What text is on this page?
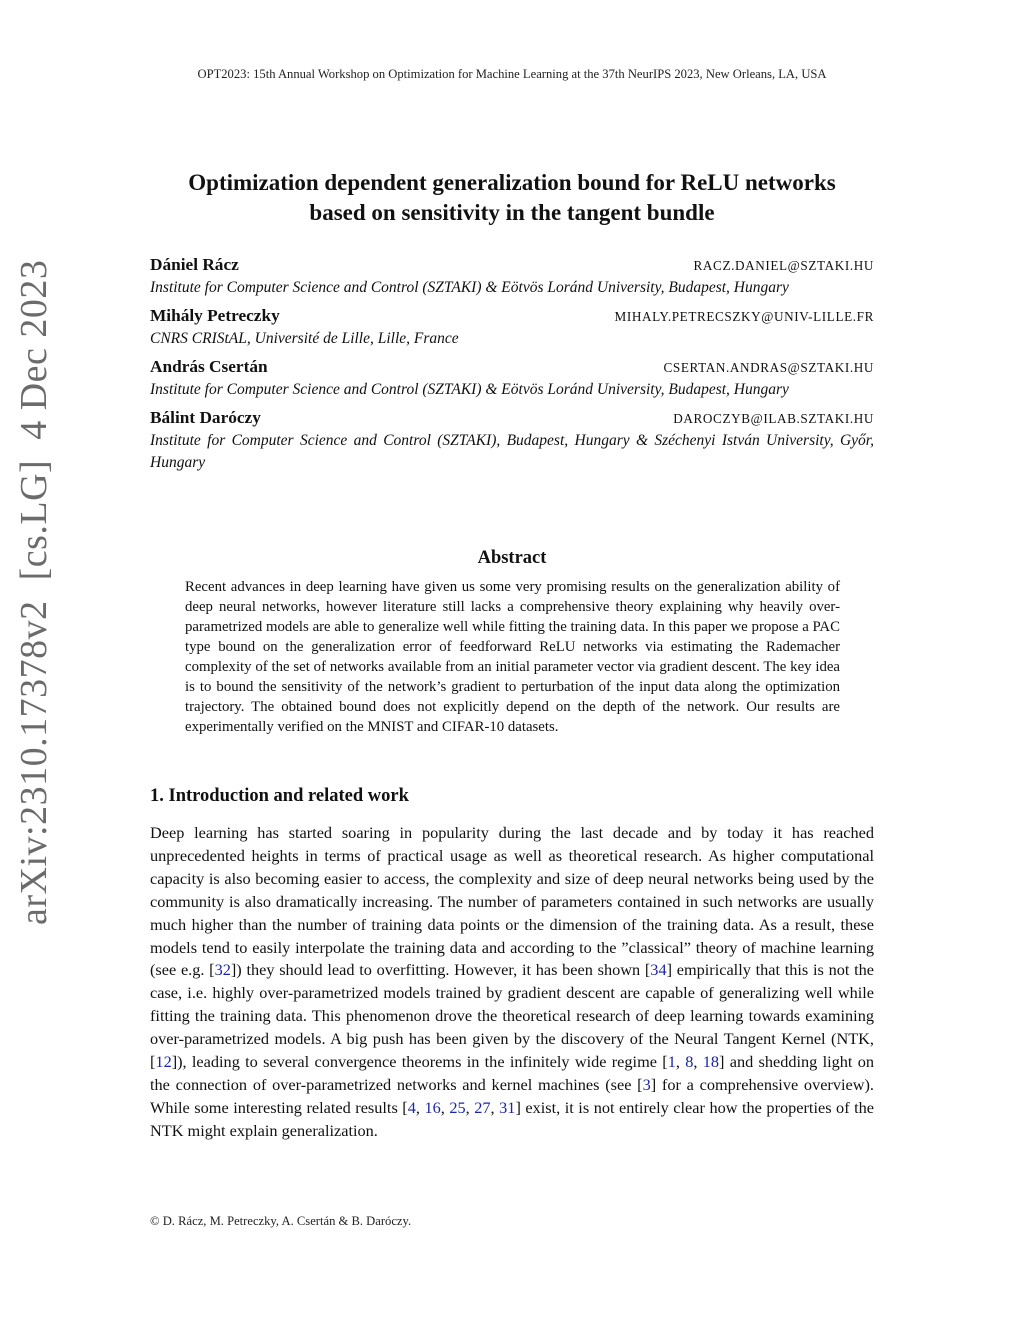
OPT2023: 15th Annual Workshop on Optimization for Machine Learning at the 37th NeurIPS 2023, New Orleans, LA, USA
arXiv:2310.17378v2[cs.LG]4 Dec 2023
Optimization dependent generalization bound for ReLU networks
based on sensitivity in the tangent bundle
Dániel Rácz	RACZ.DANIEL@SZTAKI.HU
Institute for Computer Science and Control (SZTAKI) & Eötvös Loránd University, Budapest, Hungary
Mihály Petreczky	MIHALY.PETRECSZKY@UNIV-LILLE.FR
CNRS CRIStAL, Université de Lille, Lille, France
András Csertán	CSERTAN.ANDRAS@SZTAKI.HU
Institute for Computer Science and Control (SZTAKI) & Eötvös Loránd University, Budapest, Hungary
Bálint Daróczy	DAROCZYB@ILAB.SZTAKI.HU
Institute for Computer Science and Control (SZTAKI), Budapest, Hungary & Széchenyi István University, Győr, Hungary
Abstract
Recent advances in deep learning have given us some very promising results on the generalization ability of deep neural networks, however literature still lacks a comprehensive theory explaining why heavily over-parametrized models are able to generalize well while fitting the training data. In this paper we propose a PAC type bound on the generalization error of feedforward ReLU networks via estimating the Rademacher complexity of the set of networks available from an initial parameter vector via gradient descent. The key idea is to bound the sensitivity of the network’s gradient to perturbation of the input data along the optimization trajectory. The obtained bound does not explicitly depend on the depth of the network. Our results are experimentally verified on the MNIST and CIFAR-10 datasets.
1. Introduction and related work
Deep learning has started soaring in popularity during the last decade and by today it has reached unprecedented heights in terms of practical usage as well as theoretical research. As higher computational capacity is also becoming easier to access, the complexity and size of deep neural networks being used by the community is also dramatically increasing. The number of parameters contained in such networks are usually much higher than the number of training data points or the dimension of the training data. As a result, these models tend to easily interpolate the training data and according to the ”classical” theory of machine learning (see e.g. [32]) they should lead to overfitting. However, it has been shown [34] empirically that this is not the case, i.e. highly over-parametrized models trained by gradient descent are capable of generalizing well while fitting the training data. This phenomenon drove the theoretical research of deep learning towards examining over-parametrized models. A big push has been given by the discovery of the Neural Tangent Kernel (NTK, [12]), leading to several convergence theorems in the infinitely wide regime [1, 8, 18] and shedding light on the connection of over-parametrized networks and kernel machines (see [3] for a comprehensive overview). While some interesting related results [4, 16, 25, 27, 31] exist, it is not entirely clear how the properties of the NTK might explain generalization.
© D. Rácz, M. Petreczky, A. Csertán & B. Daróczy.
